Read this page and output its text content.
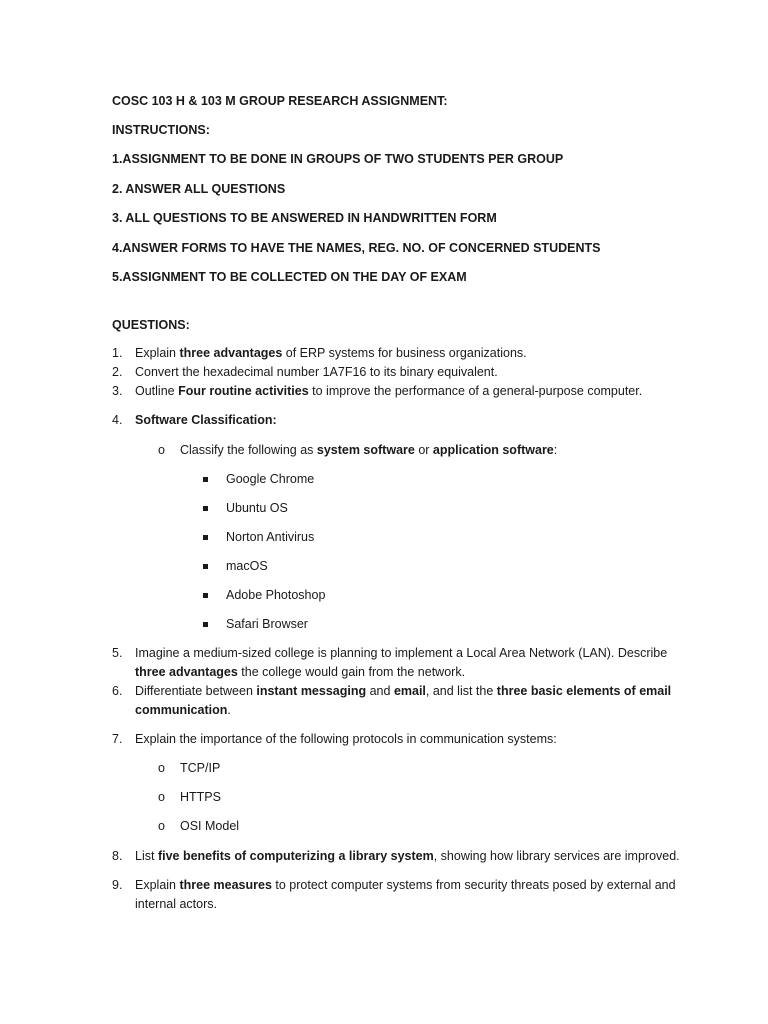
COSC 103 H & 103 M GROUP RESEARCH ASSIGNMENT:

INSTRUCTIONS:

1.ASSIGNMENT TO BE DONE IN GROUPS OF TWO STUDENTS PER GROUP

2. ANSWER ALL QUESTIONS

3. ALL QUESTIONS TO BE ANSWERED IN HANDWRITTEN FORM

4.ANSWER FORMS TO HAVE THE NAMES, REG. NO. OF CONCERNED STUDENTS

5.ASSIGNMENT TO BE COLLECTED ON THE DAY OF EXAM

QUESTIONS:

1. Explain three advantages of ERP systems for business organizations.
2. Convert the hexadecimal number 1A7F16 to its binary equivalent.
3. Outline Four routine activities to improve the performance of a general-purpose computer.
4. Software Classification:
o Classify the following as system software or application software:
Google Chrome
Ubuntu OS
Norton Antivirus
macOS
Adobe Photoshop
Safari Browser
5. Imagine a medium-sized college is planning to implement a Local Area Network (LAN). Describe three advantages the college would gain from the network.
6. Differentiate between instant messaging and email, and list the three basic elements of email communication.
7. Explain the importance of the following protocols in communication systems:
o TCP/IP
o HTTPS
o OSI Model
8. List five benefits of computerizing a library system, showing how library services are improved.
9. Explain three measures to protect computer systems from security threats posed by external and internal actors.
